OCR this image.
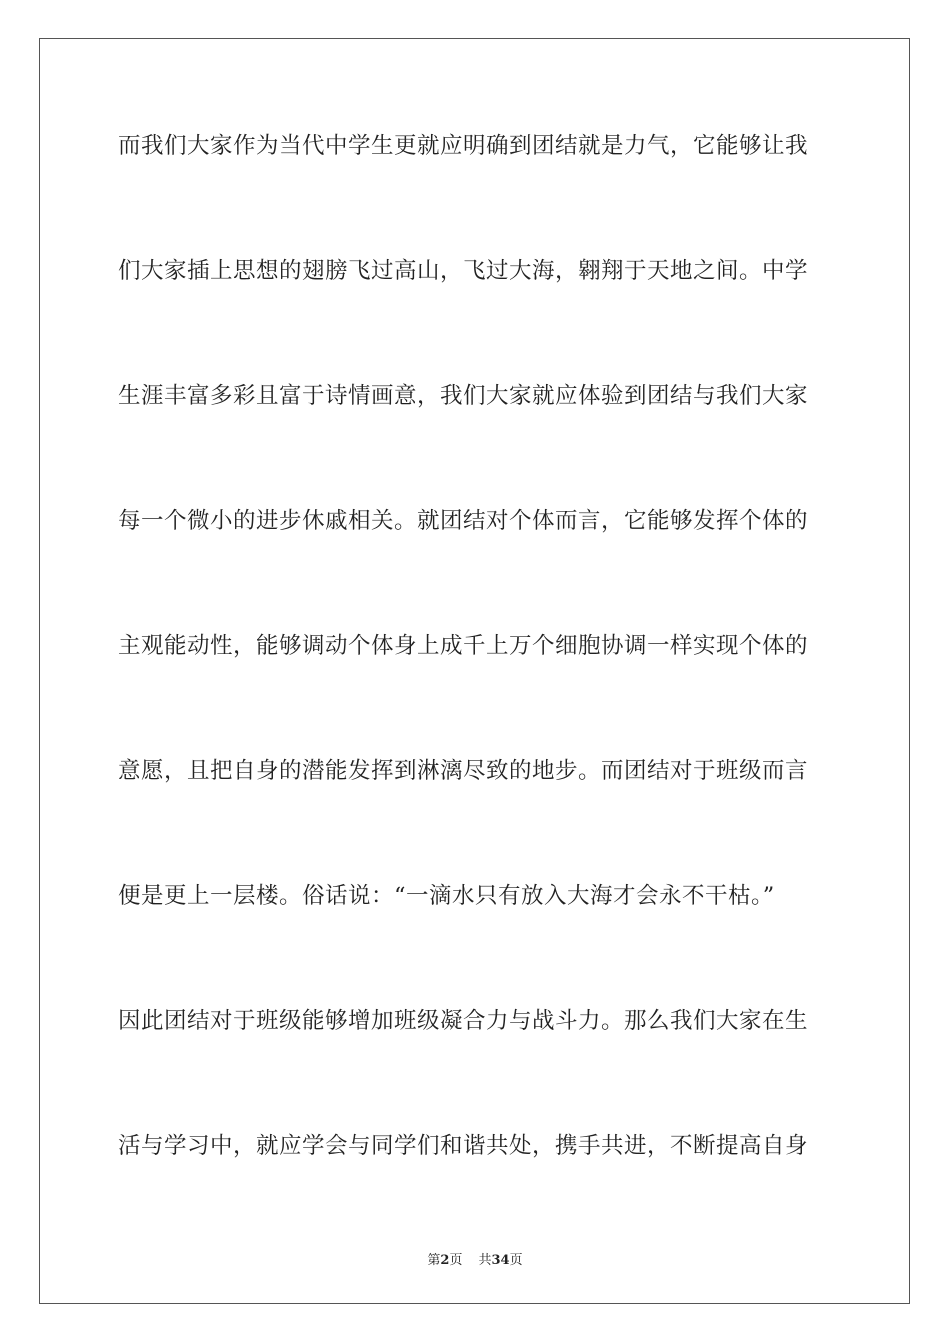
而我们大家作为当代中学生更就应明确到团结就是力气，它能够让我
们大家插上思想的翅膀飞过高山，飞过大海，翱翔于天地之间。中学
生涯丰富多彩且富于诗情画意，我们大家就应体验到团结与我们大家
每一个微小的进步休戚相关。就团结对个体而言，它能够发挥个体的
主观能动性，能够调动个体身上成千上万个细胞协调一样实现个体的
意愿，且把自身的潜能发挥到淋漓尽致的地步。而团结对于班级而言
便是更上一层楼。俗话说：“一滴水只有放入大海才会永不干枯。”
因此团结对于班级能够增加班级凝合力与战斗力。那么我们大家在生
活与学习中，就应学会与同学们和谐共处，携手共进，不断提高自身
第2页 共34页
